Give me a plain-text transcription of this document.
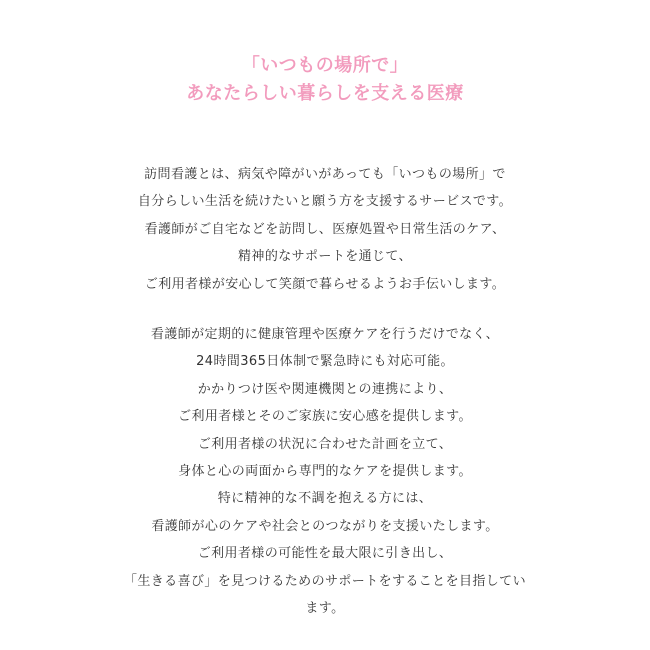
「いつもの場所で」
あなたらしい暮らしを支える医療
訪問看護とは、病気や障がいがあっても「いつもの場所」で
自分らしい生活を続けたいと願う方を支援するサービスです。
看護師がご自宅などを訪問し、医療処置や日常生活のケア、
精神的なサポートを通じて、
ご利用者様が安心して笑顔で暮らせるようお手伝いします。
看護師が定期的に健康管理や医療ケアを行うだけでなく、
24時間365日体制で緊急時にも対応可能。
かかりつけ医や関連機関との連携により、
ご利用者様とそのご家族に安心感を提供します。
ご利用者様の状況に合わせた計画を立て、
身体と心の両面から専門的なケアを提供します。
特に精神的な不調を抱える方には、
看護師が心のケアや社会とのつながりを支援いたします。
ご利用者様の可能性を最大限に引き出し、
「生きる喜び」を見つけるためのサポートをすることを目指してい
ます。
